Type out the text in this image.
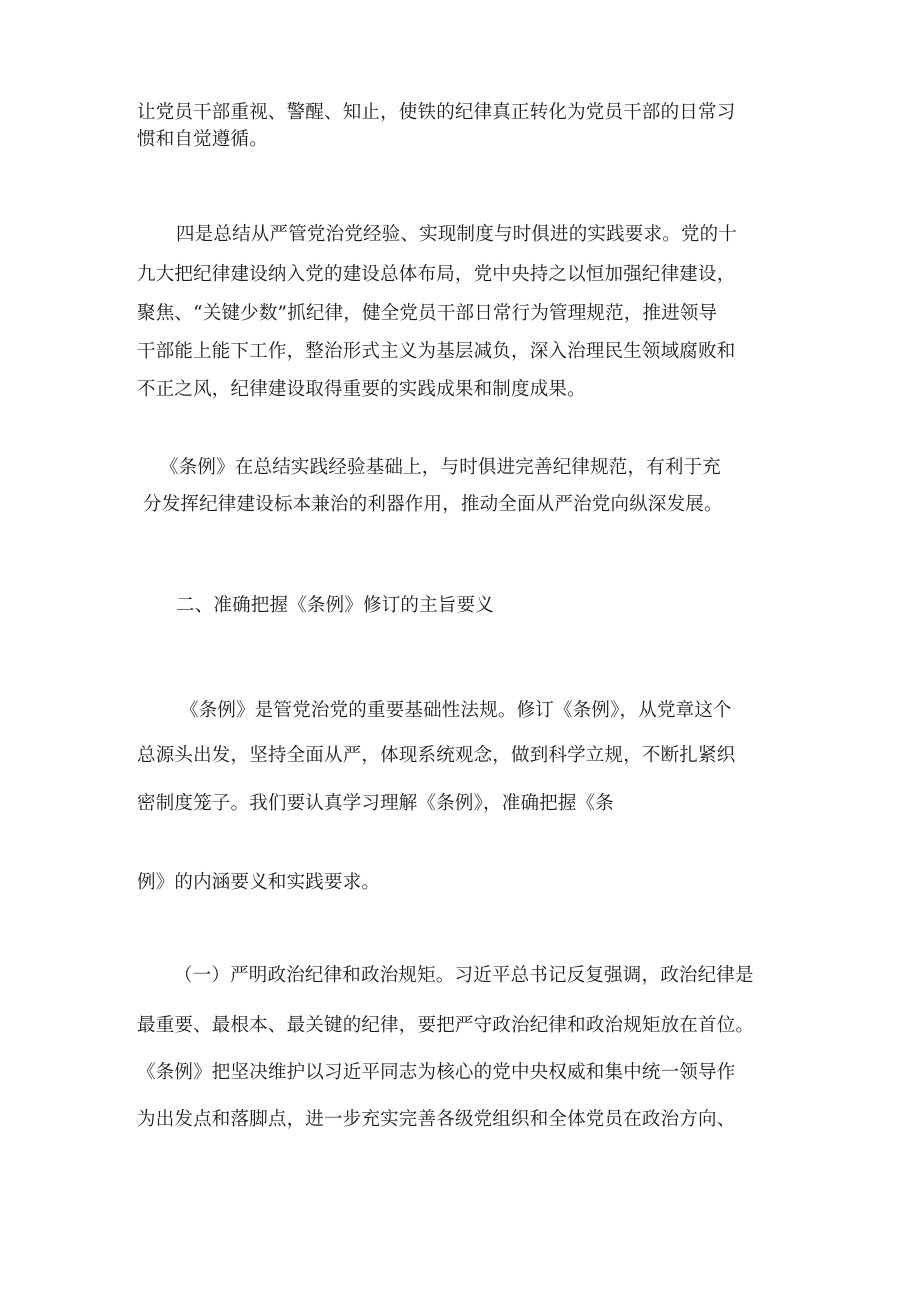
让党员干部重视、警醒、知止，使铁的纪律真正转化为党员干部的日常习
惯和自觉遵循。
四是总结从严管党治党经验、实现制度与时俱进的实践要求。党的十
九大把纪律建设纳入党的建设总体布局，党中央持之以恒加强纪律建设，
聚焦、“关键少数”抓纪律，健全党员干部日常行为管理规范，推进领导
干部能上能下工作，整治形式主义为基层减负，深入治理民生领域腐败和
不正之风，纪律建设取得重要的实践成果和制度成果。
《条例》在总结实践经验基础上，与时俱进完善纪律规范，有利于充
分发挥纪律建设标本兼治的利器作用，推动全面从严治党向纵深发展。
二、准确把握《条例》修订的主旨要义
《条例》是管党治党的重要基础性法规。修订《条例》，从党章这个
总源头出发，坚持全面从严，体现系统观念，做到科学立规，不断扎紧织
密制度笼子。我们要认真学习理解《条例》，准确把握《条
例》的内涵要义和实践要求。
（一）严明政治纪律和政治规矩。习近平总书记反复强调，政治纪律是
最重要、最根本、最关键的纪律，要把严守政治纪律和政治规矩放在首位。
《条例》把坚决维护以习近平同志为核心的党中央权威和集中统一领导作
为出发点和落脚点，进一步充实完善各级党组织和全体党员在政治方向、
